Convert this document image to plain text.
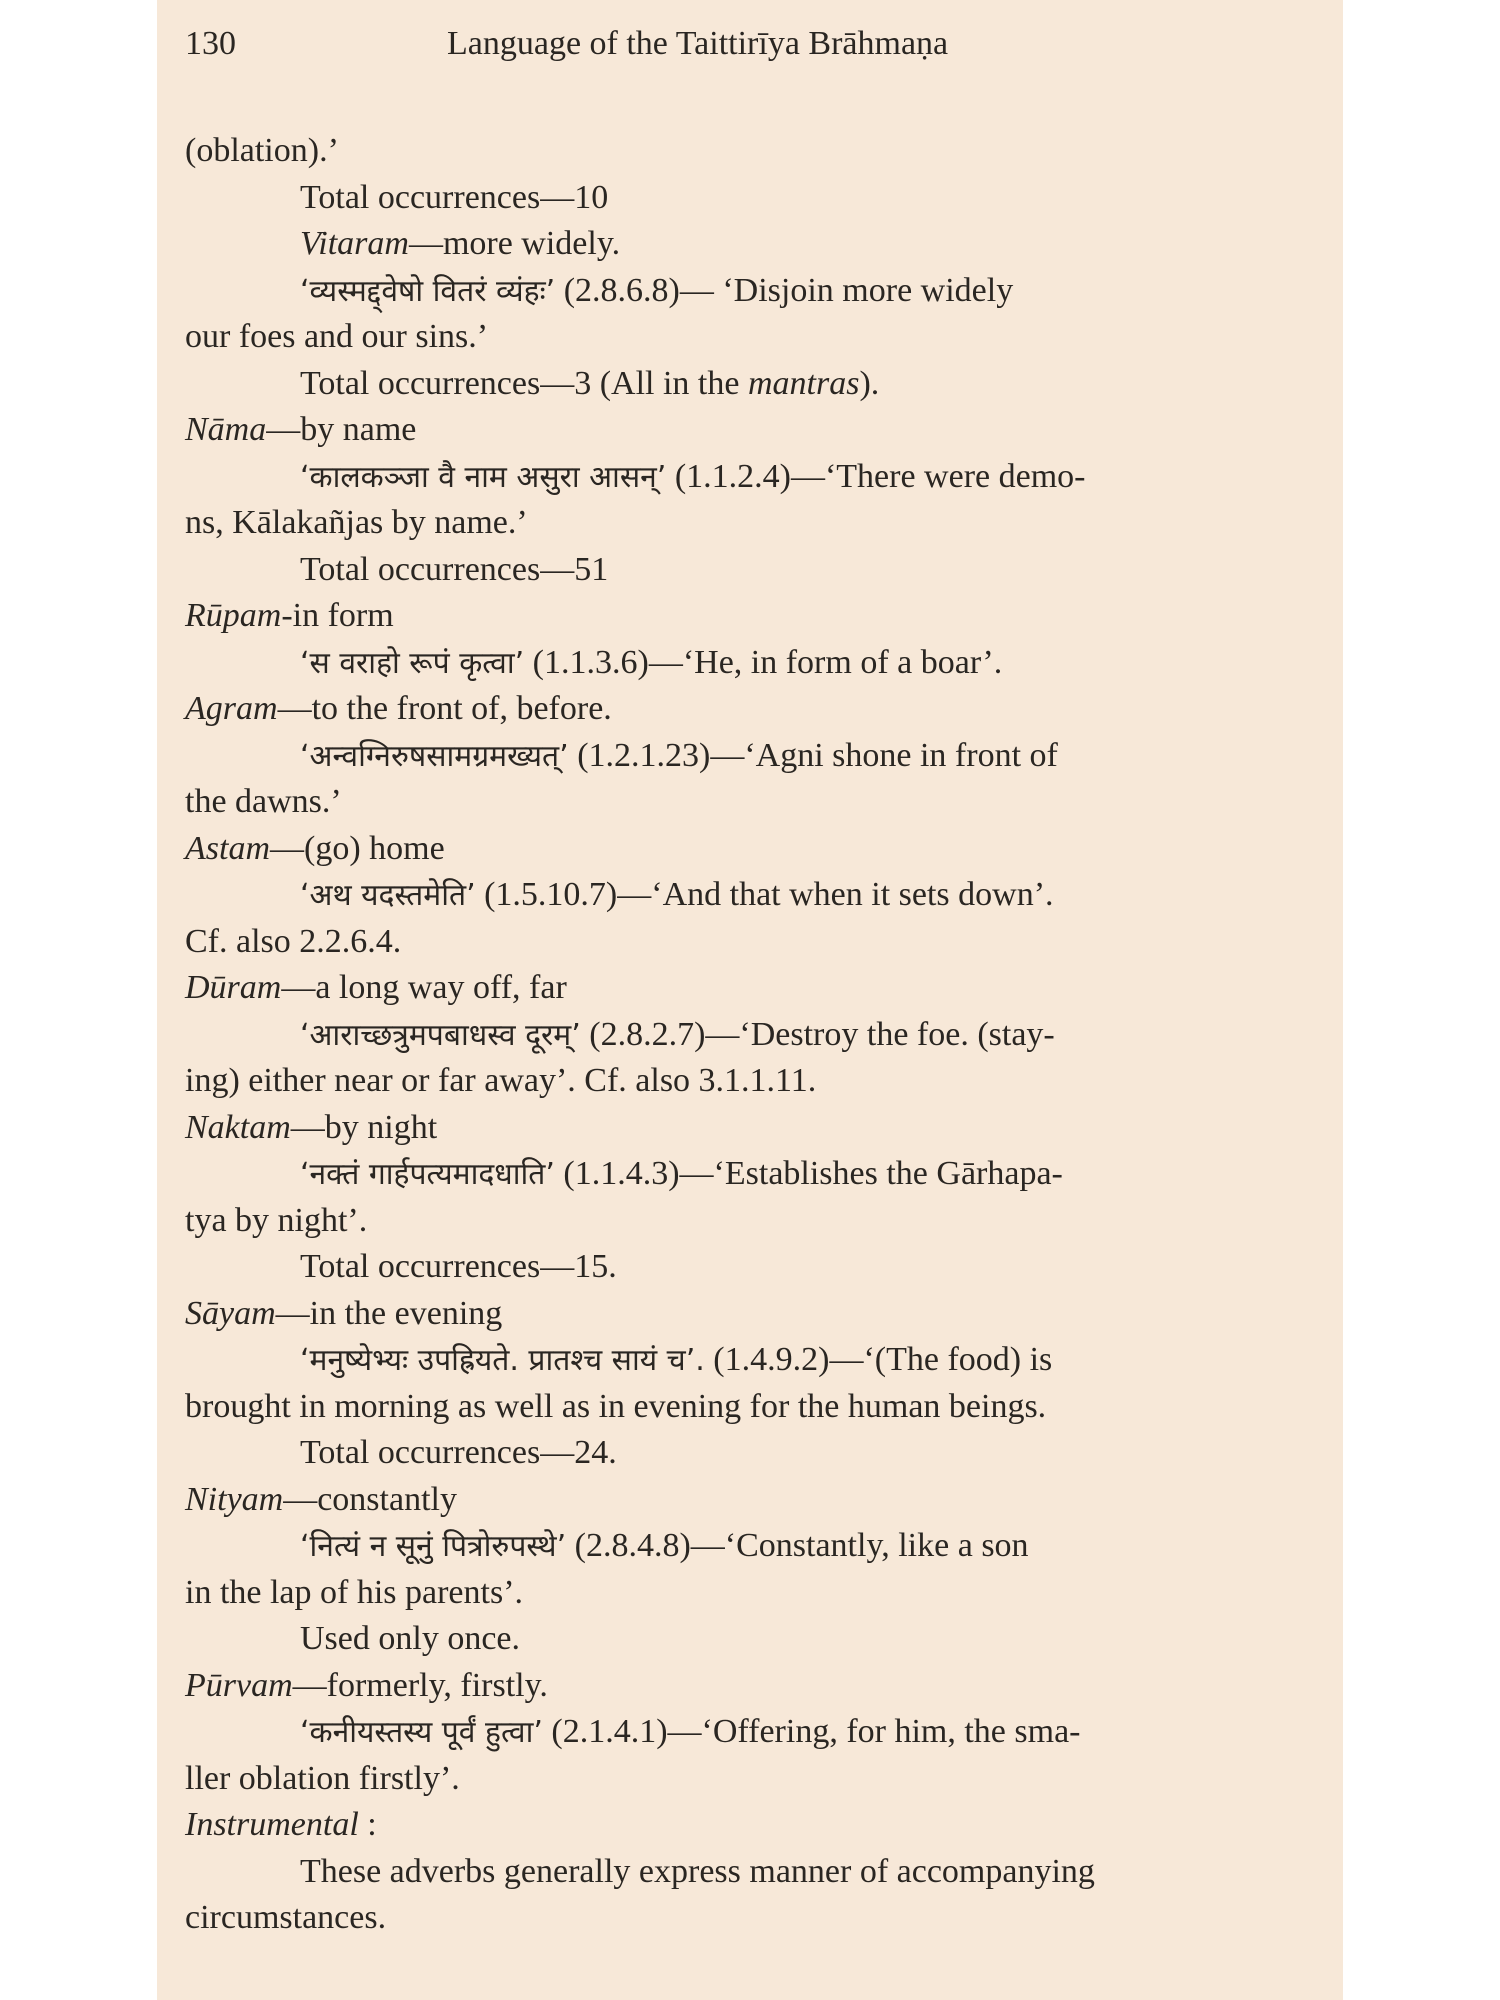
130	Language of the Taittirīya Brāhmaṇa
(oblation).’
Total occurrences—10
Vitaram—more widely.
‘व्यस्मद्द्वेषो वितरं व्यंहः’ (2.8.6.8)— ‘Disjoin more widely
our foes and our sins.’
Total occurrences—3 (All in the mantras).
Nāma—by name
‘कालकञ्जा वै नाम असुरा आसन्’ (1.1.2.4)—‘There were demo-
ns, Kālakañjas by name.’
Total occurrences—51
Rūpam-in form
‘स वराहो रूपं कृत्वा’ (1.1.3.6)—‘He, in form of a boar’.
Agram—to the front of, before.
‘अन्वग्निरुषसामग्रमख्यत्’ (1.2.1.23)—‘Agni shone in front of
the dawns.’
Astam—(go) home
‘अथ यदस्तमेति’ (1.5.10.7)—‘And that when it sets down’.
Cf. also 2.2.6.4.
Dūram—a long way off, far
‘आराच्छत्रुमपबाधस्व दूरम्’ (2.8.2.7)—‘Destroy the foe. (stay-
ing) either near or far away’. Cf. also 3.1.1.11.
Naktam—by night
‘नक्तं गार्हपत्यमादधाति’ (1.1.4.3)—‘Establishes the Gārhapa-
tya by night’.
Total occurrences—15.
Sāyam—in the evening
‘मनुष्येभ्यः उपह्रियते. प्रातश्च सायं च’. (1.4.9.2)—‘(The food) is
brought in morning as well as in evening for the human beings.
Total occurrences—24.
Nityam—constantly
‘नित्यं न सूनुं पित्रोरुपस्थे’ (2.8.4.8)—‘Constantly, like a son
in the lap of his parents’.
Used only once.
Pūrvam—formerly, firstly.
‘कनीयस्तस्य पूर्वं हुत्वा’ (2.1.4.1)—‘Offering, for him, the sma-
ller oblation firstly’.
Instrumental :
These adverbs generally express manner of accompanying
circumstances.
